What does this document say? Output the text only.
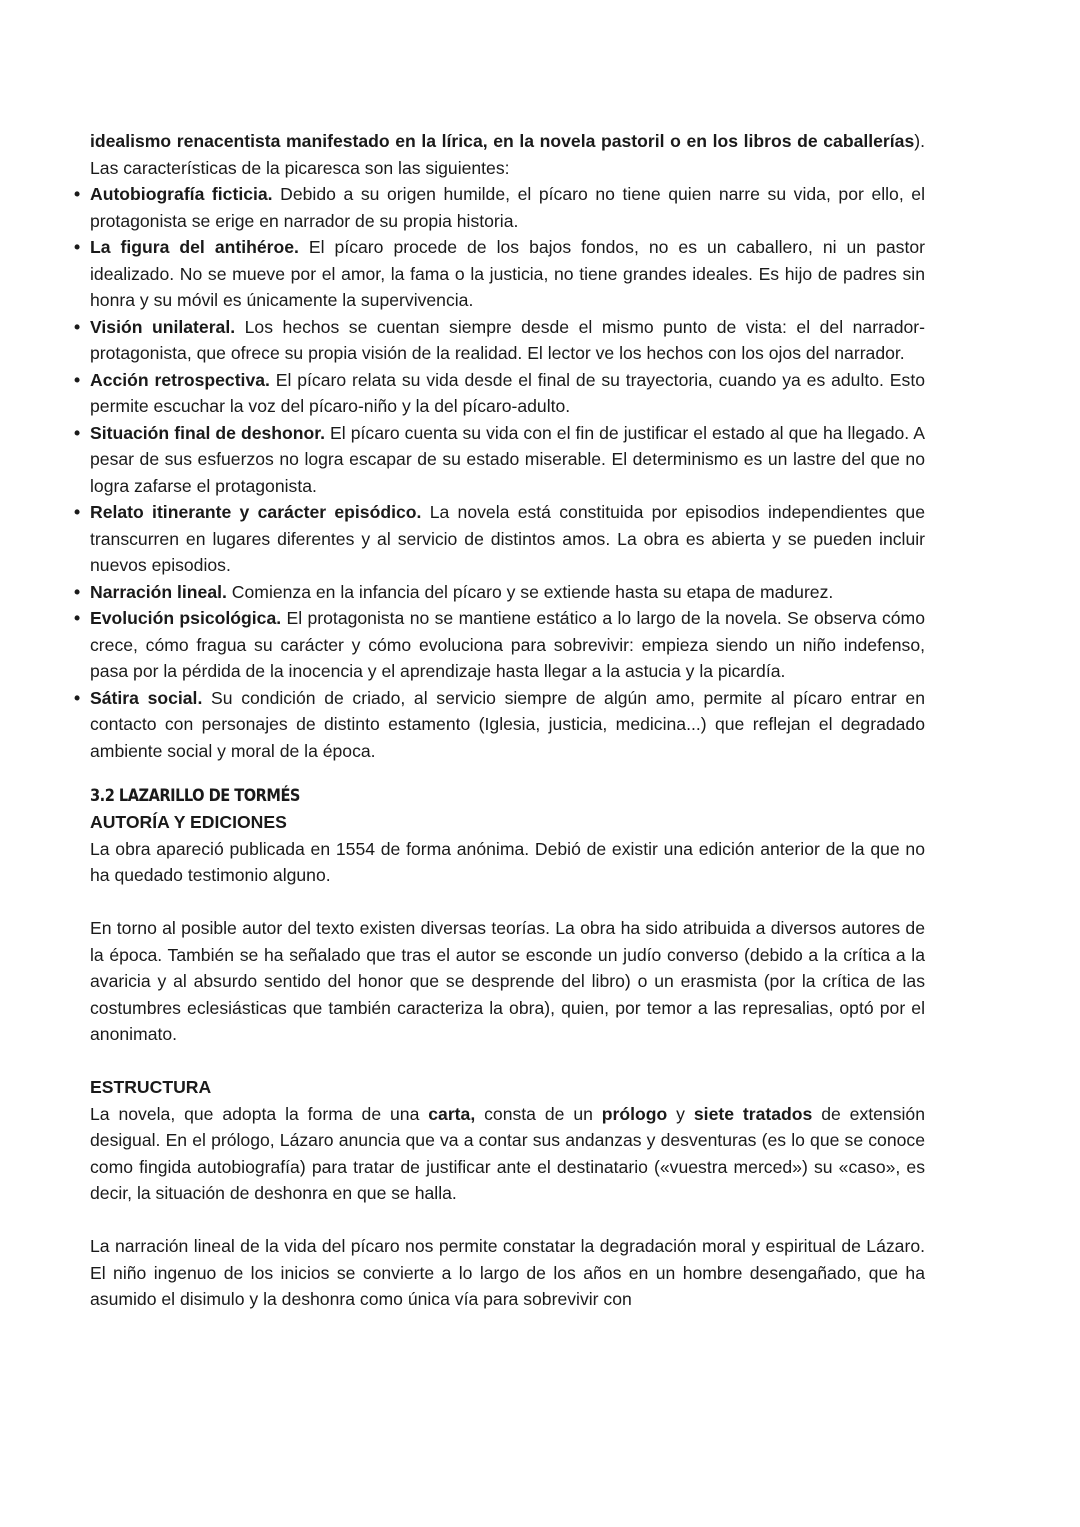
idealismo renacentista manifestado en la lírica, en la novela pastoril o en los libros de caballerías). Las características de la picaresca son las siguientes:

• Autobiografía ficticia. Debido a su origen humilde, el pícaro no tiene quien narre su vida, por ello, el protagonista se erige en narrador de su propia historia.
• La figura del antihéroe. El pícaro procede de los bajos fondos, no es un caballero, ni un pastor idealizado. No se mueve por el amor, la fama o la justicia, no tiene grandes ideales. Es hijo de padres sin honra y su móvil es únicamente la supervivencia.
• Visión unilateral. Los hechos se cuentan siempre desde el mismo punto de vista: el del narrador-protagonista, que ofrece su propia visión de la realidad. El lector ve los hechos con los ojos del narrador.
• Acción retrospectiva. El pícaro relata su vida desde el final de su trayectoria, cuando ya es adulto. Esto permite escuchar la voz del pícaro-niño y la del pícaro-adulto.
• Situación final de deshonor. El pícaro cuenta su vida con el fin de justificar el estado al que ha llegado. A pesar de sus esfuerzos no logra escapar de su estado miserable. El determinismo es un lastre del que no logra zafarse el protagonista.
• Relato itinerante y carácter episódico. La novela está constituida por episodios independientes que transcurren en lugares diferentes y al servicio de distintos amos. La obra es abierta y se pueden incluir nuevos episodios.
• Narración lineal. Comienza en la infancia del pícaro y se extiende hasta su etapa de madurez.
• Evolución psicológica. El protagonista no se mantiene estático a lo largo de la novela. Se observa cómo crece, cómo fragua su carácter y cómo evoluciona para sobrevivir: empieza siendo un niño indefenso, pasa por la pérdida de la inocencia y el aprendizaje hasta llegar a la astucia y la picardía.
• Sátira social. Su condición de criado, al servicio siempre de algún amo, permite al pícaro entrar en contacto con personajes de distinto estamento (Iglesia, justicia, medicina...) que reflejan el degradado ambiente social y moral de la época.
3.2 LAZARILLO DE TORMÉS
AUTORÍA Y EDICIONES

La obra apareció publicada en 1554 de forma anónima. Debió de existir una edición anterior de la que no ha quedado testimonio alguno.

En torno al posible autor del texto existen diversas teorías. La obra ha sido atribuida a diversos autores de la época. También se ha señalado que tras el autor se esconde un judío converso (debido a la crítica a la avaricia y al absurdo sentido del honor que se desprende del libro) o un erasmista (por la crítica de las costumbres eclesiásticas que también caracteriza la obra), quien, por temor a las represalias, optó por el anonimato.

ESTRUCTURA

La novela, que adopta la forma de una carta, consta de un prólogo y siete tratados de extensión desigual. En el prólogo, Lázaro anuncia que va a contar sus andanzas y desventuras (es lo que se conoce como fingida autobiografía) para tratar de justificar ante el destinatario («vuestra merced») su «caso», es decir, la situación de deshonra en que se halla.

La narración lineal de la vida del pícaro nos permite constatar la degradación moral y espiritual de Lázaro. El niño ingenuo de los inicios se convierte a lo largo de los años en un hombre desengañado, que ha asumido el disimulo y la deshonra como única vía para sobrevivir con
